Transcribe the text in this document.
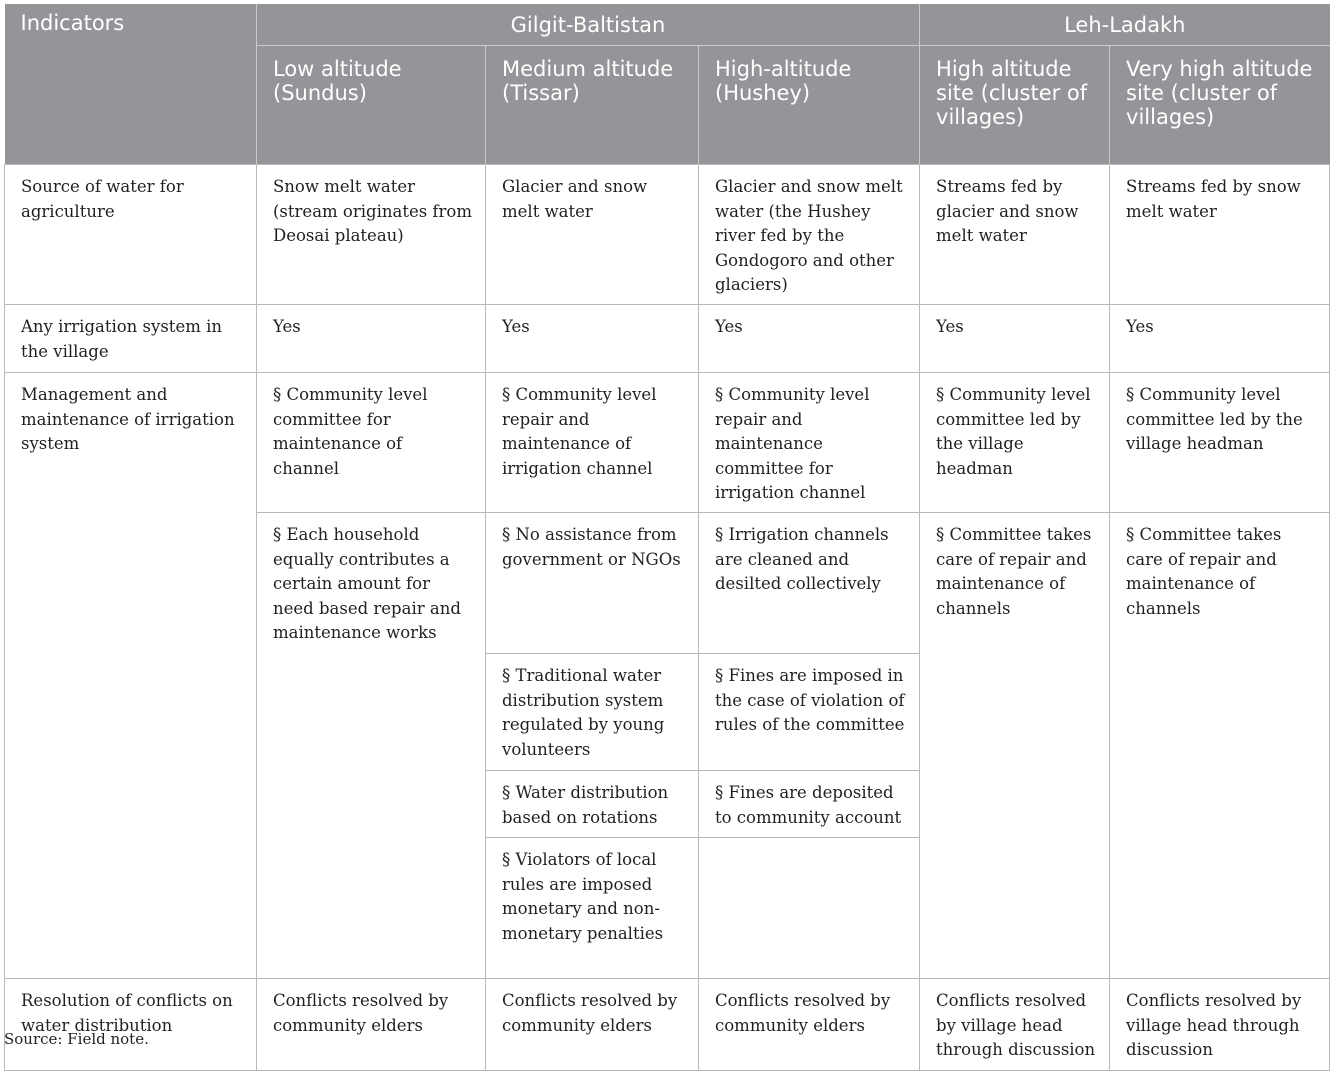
Indicators	Gilgit-Baltistan			Leh-Ladakh	
	Low altitude (Sundus)	Medium altitude (Tissar)	High-altitude (Hushey)	High altitude site (cluster of villages)	Very high altitude site (cluster of villages)
Source of water for agriculture	Snow melt water (stream originates from Deosai plateau)	Glacier and snow melt water	Glacier and snow melt water (the Hushey river fed by the Gondogoro and other glaciers)	Streams fed by glacier and snow melt water	Streams fed by snow melt water
Any irrigation system in the village	Yes	Yes	Yes	Yes	Yes
Management and maintenance of irrigation system	§ Community level committee for maintenance of channel	§ Community level repair and maintenance of irrigation channel	§ Community level repair and maintenance committee for irrigation channel	§ Community level committee led by the village headman	§ Community level committee led by the village headman
	§ Each household equally contributes a certain amount for need based repair and maintenance works	§ No assistance from government or NGOs	§ Irrigation channels are cleaned and desilted collectively	§ Committee takes care of repair and maintenance of channels	§ Committee takes care of repair and maintenance of channels
		§ Traditional water distribution system regulated by young volunteers	§ Fines are imposed in the case of violation of rules of the committee		
		§ Water distribution based on rotations	§ Fines are deposited to community account		
		§ Violators of local rules are imposed monetary and non-monetary penalties			
Resolution of conflicts on water distribution	Conflicts resolved by community elders	Conflicts resolved by community elders	Conflicts resolved by community elders	Conflicts resolved by village head through discussion	Conflicts resolved by village head through discussion
Source: Field note.
